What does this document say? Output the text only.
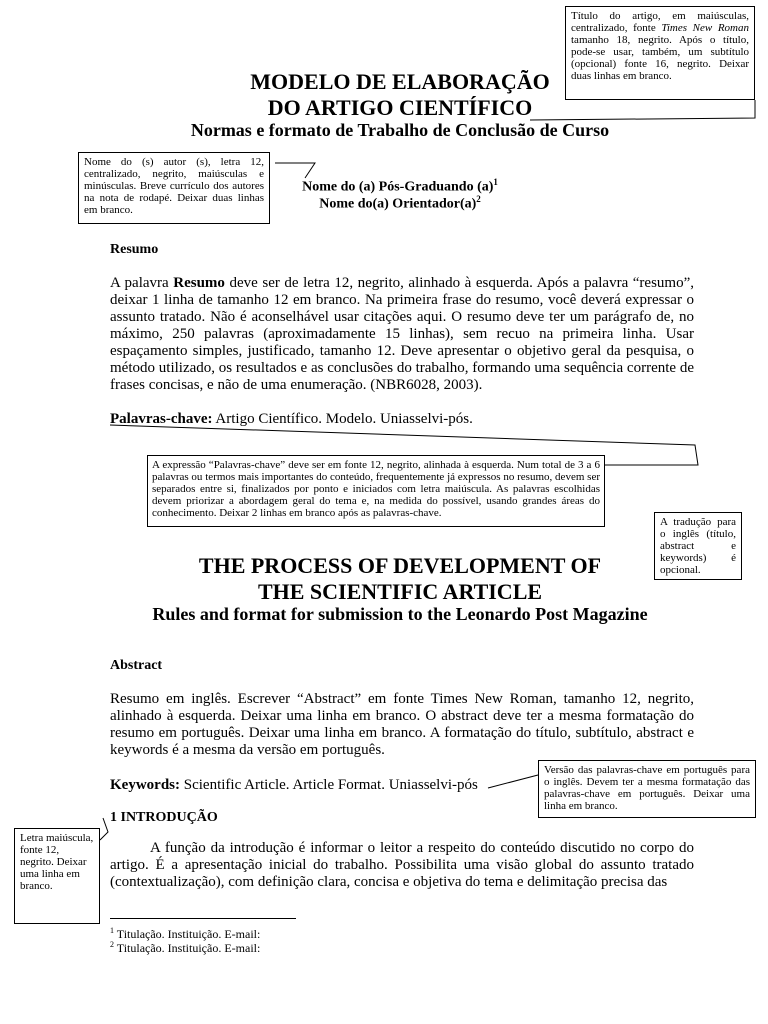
MODELO DE ELABORAÇÃO
DO ARTIGO CIENTÍFICO
Normas e formato de Trabalho de Conclusão de Curso
Título do artigo, em maiúsculas, centralizado, fonte Times New Roman tamanho 18, negrito. Após o título, pode-se usar, também, um subtítulo (opcional) fonte 16, negrito. Deixar duas linhas em branco.
Nome do (s) autor (s), letra 12, centralizado, negrito, maiúsculas e minúsculas. Breve currículo dos autores na nota de rodapé. Deixar duas linhas em branco.
Nome do (a) Pós-Graduando $(a)^1$
Nome do(a) $Orientador(a)^2$
Resumo
A palavra Resumo deve ser de letra 12, negrito, alinhado à esquerda. Após a palavra “resumo”, deixar 1 linha de tamanho 12 em branco. Na primeira frase do resumo, você deverá expressar o assunto tratado. Não é aconselhável usar citações aqui. O resumo deve ter um parágrafo de, no máximo, 250 palavras (aproximadamente 15 linhas), sem recuo na primeira linha. Usar espaçamento simples, justificado, tamanho 12. Deve apresentar o objetivo geral da pesquisa, o método utilizado, os resultados e as conclusões do trabalho, formando uma sequência corrente de frases concisas, e não de uma enumeração. (NBR6028, 2003).
Palavras-chave: Artigo Científico. Modelo. Uniasselvi-pós.
A expressão “Palavras-chave” deve ser em fonte 12, negrito, alinhada à esquerda. Num total de 3 a 6 palavras ou termos mais importantes do conteúdo, frequentemente já expressos no resumo, devem ser separados entre si, finalizados por ponto e iniciados com letra maiúscula. As palavras escolhidas devem priorizar a abordagem geral do tema e, na medida do possível, usando grandes áreas do conhecimento. Deixar 2 linhas em branco após as palavras-chave.
A tradução para o inglês (título, abstract e keywords) é opcional.
THE PROCESS OF DEVELOPMENT OF
THE SCIENTIFIC ARTICLE
Rules and format for submission to the Leonardo Post Magazine
Abstract
Resumo em inglês. Escrever “Abstract” em fonte Times New Roman, tamanho 12, negrito, alinhado à esquerda. Deixar uma linha em branco. O abstract deve ter a mesma formatação do resumo em português. Deixar uma linha em branco. A formatação do título, subtítulo, abstract e keywords é a mesma da versão em português.
Keywords: Scientific Article. Article Format. Uniasselvi-pós
Versão das palavras-chave em português para o inglês. Devem ter a mesma formatação das palavras-chave em português. Deixar uma linha em branco.
1 INTRODUÇÃO
A função da introdução é informar o leitor a respeito do conteúdo discutido no corpo do artigo. É a apresentação inicial do trabalho. Possibilita uma visão global do assunto tratado (contextualização), com definição clara, concisa e objetiva do tema e delimitação precisa das
Letra maiúscula, fonte 12, negrito. Deixar uma linha em branco.
$^1$ Titulação. Instituição. E-mail:
$^2$ Titulação. Instituição. E-mail:
